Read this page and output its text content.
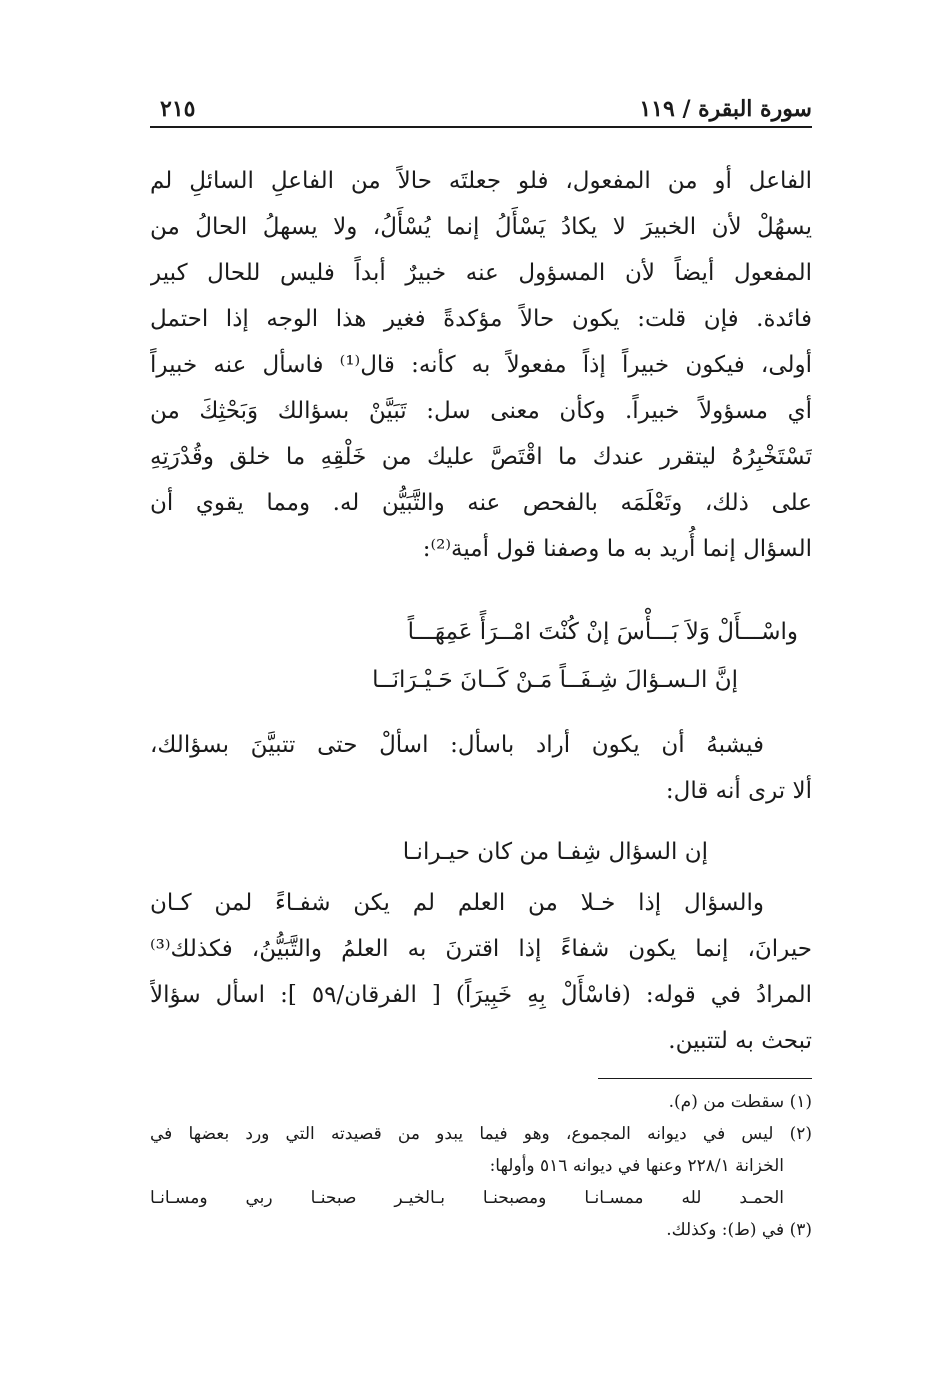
سورة البقرة / ١١٩
٢١٥
الفاعل أو من المفعول، فلو جعلتَه حالاً من الفاعلِ السائلِ لم
يسهُلْ لأن الخبيرَ لا يكادُ يَسْأَلُ إنما يُسْأَلُ، ولا يسهلُ الحالُ من
المفعول أيضاً لأن المسؤول عنه خبيرٌ أبداً فليس للحال كبير
فائدة. فإن قلت: يكون حالاً مؤكدةً فغير هذا الوجه إذا احتمل
أولى، فيكون خبيراً إذاً مفعولاً به كأنه: قال⁽¹⁾ فاسأل عنه خبيراً
أي مسؤولاً خبيراً. وكأن معنى سل: تَبَيَّنْ بسؤالك وَبَحْثِكَ من
تَسْتَخْبِرُهُ ليتقرر عندك ما اقْتَصَّ عليك من خَلْقِهِ ما خلق وقُدْرَتِهِ
على ذلك، وتَعْلَمَه بالفحص عنه والتَّبَيُّن له. ومما يقوي أن
السؤال إنما أُريد به ما وصفنا قول أمية⁽²⁾:
واسْـــأَلْ وَلاَ بَـــأْسَ إنْ كُنْتَ امْــرَأً عَمِهَـــاً
إنَّ الـسـؤالَ شِـفَــاً مَـنْ كَــانَ حَـيْـرَانَــا
فيشبهُ أن يكون أراد باسأل: اسألْ حتى تتبيَّنَ بسؤالك،
ألا ترى أنه قال:
إن السؤال شِفـا من كان حيـرانـا
والسؤال إذا خـلا من العلم لم يكن شفـاءً لمن كـان
حيرانَ، إنما يكون شفاءً إذا اقترنَ به العلمُ والتَّبَيُّنُ، فكذلك⁽³⁾
المرادُ في قوله: (فاسْأَلْ بِهِ خَبِيرَاً) [ الفرقان/٥٩ ]: اسأل سؤالاً
تبحث به لتتبين.
(١) سقطت من (م).
(٢) ليس في ديوانه المجموع، وهو فيما يبدو من قصيدته التي ورد بعضها في
الخزانة ٢٢٨/١ وعنها في ديوانه ٥١٦ وأولها:
الحمـد لله ممسـانـا ومصبحنـا بـالخيـر صبحنـا ربي ومسـانـا
(٣) في (ط): وكذلك.
